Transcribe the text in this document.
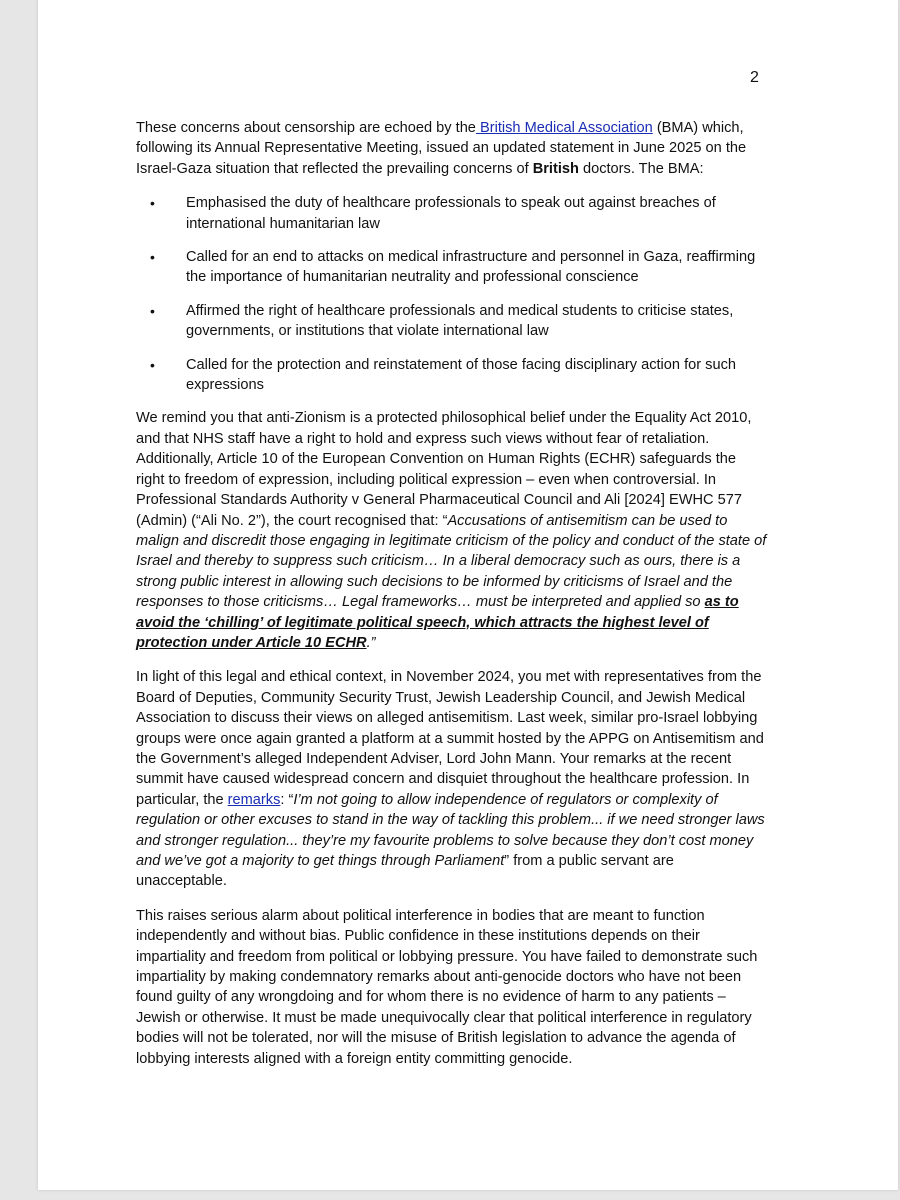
2

These concerns about censorship are echoed by the British Medical Association (BMA) which, following its Annual Representative Meeting, issued an updated statement in June 2025 on the Israel-Gaza situation that reflected the prevailing concerns of British doctors. The BMA:

• Emphasised the duty of healthcare professionals to speak out against breaches of international humanitarian law
• Called for an end to attacks on medical infrastructure and personnel in Gaza, reaffirming the importance of humanitarian neutrality and professional conscience
• Affirmed the right of healthcare professionals and medical students to criticise states, governments, or institutions that violate international law
• Called for the protection and reinstatement of those facing disciplinary action for such expressions

We remind you that anti-Zionism is a protected philosophical belief under the Equality Act 2010, and that NHS staff have a right to hold and express such views without fear of retaliation. Additionally, Article 10 of the European Convention on Human Rights (ECHR) safeguards the right to freedom of expression, including political expression – even when controversial. In Professional Standards Authority v General Pharmaceutical Council and Ali [2024] EWHC 577 (Admin) (“Ali No. 2”), the court recognised that: “Accusations of antisemitism can be used to malign and discredit those engaging in legitimate criticism of the policy and conduct of the state of Israel and thereby to suppress such criticism… In a liberal democracy such as ours, there is a strong public interest in allowing such decisions to be informed by criticisms of Israel and the responses to those criticisms… Legal frameworks… must be interpreted and applied so as to avoid the ‘chilling’ of legitimate political speech, which attracts the highest level of protection under Article 10 ECHR.”

In light of this legal and ethical context, in November 2024, you met with representatives from the Board of Deputies, Community Security Trust, Jewish Leadership Council, and Jewish Medical Association to discuss their views on alleged antisemitism. Last week, similar pro-Israel lobbying groups were once again granted a platform at a summit hosted by the APPG on Antisemitism and the Government’s alleged Independent Adviser, Lord John Mann. Your remarks at the recent summit have caused widespread concern and disquiet throughout the healthcare profession. In particular, the remarks: “I’m not going to allow independence of regulators or complexity of regulation or other excuses to stand in the way of tackling this problem... if we need stronger laws and stronger regulation... they’re my favourite problems to solve because they don’t cost money and we’ve got a majority to get things through Parliament” from a public servant are unacceptable.

This raises serious alarm about political interference in bodies that are meant to function independently and without bias. Public confidence in these institutions depends on their impartiality and freedom from political or lobbying pressure. You have failed to demonstrate such impartiality by making condemnatory remarks about anti-genocide doctors who have not been found guilty of any wrongdoing and for whom there is no evidence of harm to any patients – Jewish or otherwise. It must be made unequivocally clear that political interference in regulatory bodies will not be tolerated, nor will the misuse of British legislation to advance the agenda of lobbying interests aligned with a foreign entity committing genocide.
